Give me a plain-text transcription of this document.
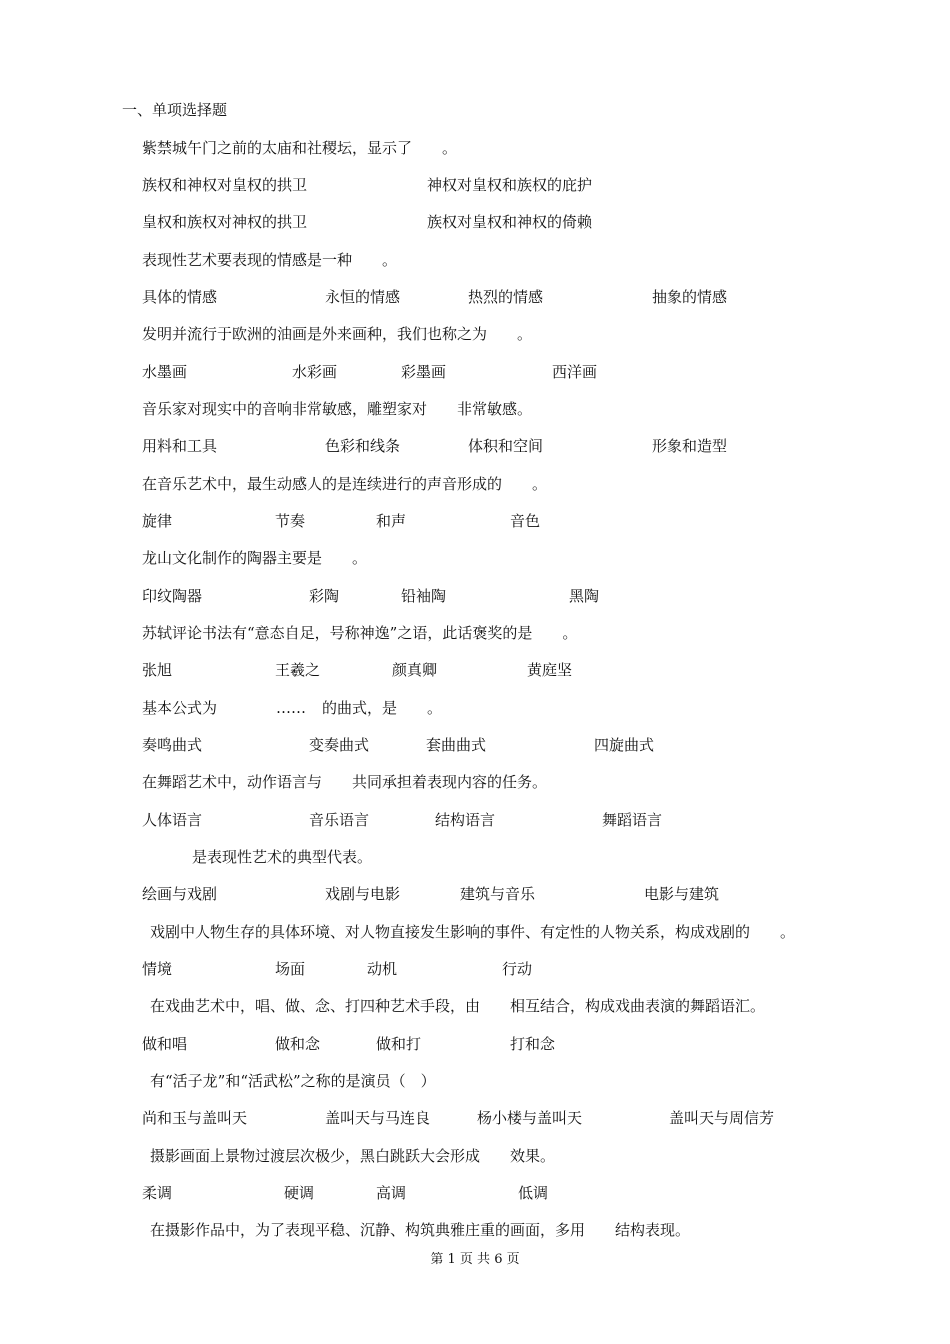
一、单项选择题
紫禁城午门之前的太庙和社稷坛，显示了　　。
族权和神权对皇权的拱卫	神权对皇权和族权的庇护
皇权和族权对神权的拱卫	族权对皇权和神权的倚赖
表现性艺术要表现的情感是一种　　。
具体的情感	永恒的情感	热烈的情感	抽象的情感
发明并流行于欧洲的油画是外来画种，我们也称之为　　。
水墨画	水彩画	彩墨画	西洋画
音乐家对现实中的音响非常敏感，雕塑家对　　非常敏感。
用料和工具	色彩和线条	体积和空间	形象和造型
在音乐艺术中，最生动感人的是连续进行的声音形成的　　。
旋律	节奏	和声	音色
龙山文化制作的陶器主要是　　。
印纹陶器	彩陶	铅袖陶	黑陶
苏轼评论书法有“意态自足，号称神逸”之语，此话褒奖的是　　。
张旭	王羲之	颜真卿	黄庭坚
基本公式为	…… 的曲式，是　　。
奏鸣曲式	变奏曲式	套曲曲式	四旋曲式
在舞蹈艺术中，动作语言与　　共同承担着表现内容的任务。
人体语言	音乐语言	结构语言	舞蹈语言
是表现性艺术的典型代表。
绘画与戏剧	戏剧与电影	建筑与音乐	电影与建筑
戏剧中人物生存的具体环境、对人物直接发生影响的事件、有定性的人物关系，构成戏剧的　　。
情境	场面	动机	行动
在戏曲艺术中，唱、做、念、打四种艺术手段，由　　相互结合，构成戏曲表演的舞蹈语汇。
做和唱	做和念	做和打	打和念
有“活子龙”和“活武松”之称的是演员（　）
尚和玉与盖叫天	盖叫天与马连良	杨小楼与盖叫天	盖叫天与周信芳
摄影画面上景物过渡层次极少，黑白跳跃大会形成　　效果。
柔调	硬调	高调	低调
在摄影作品中，为了表现平稳、沉静、构筑典雅庄重的画面，多用　　结构表现。
第 1 页 共 6 页
